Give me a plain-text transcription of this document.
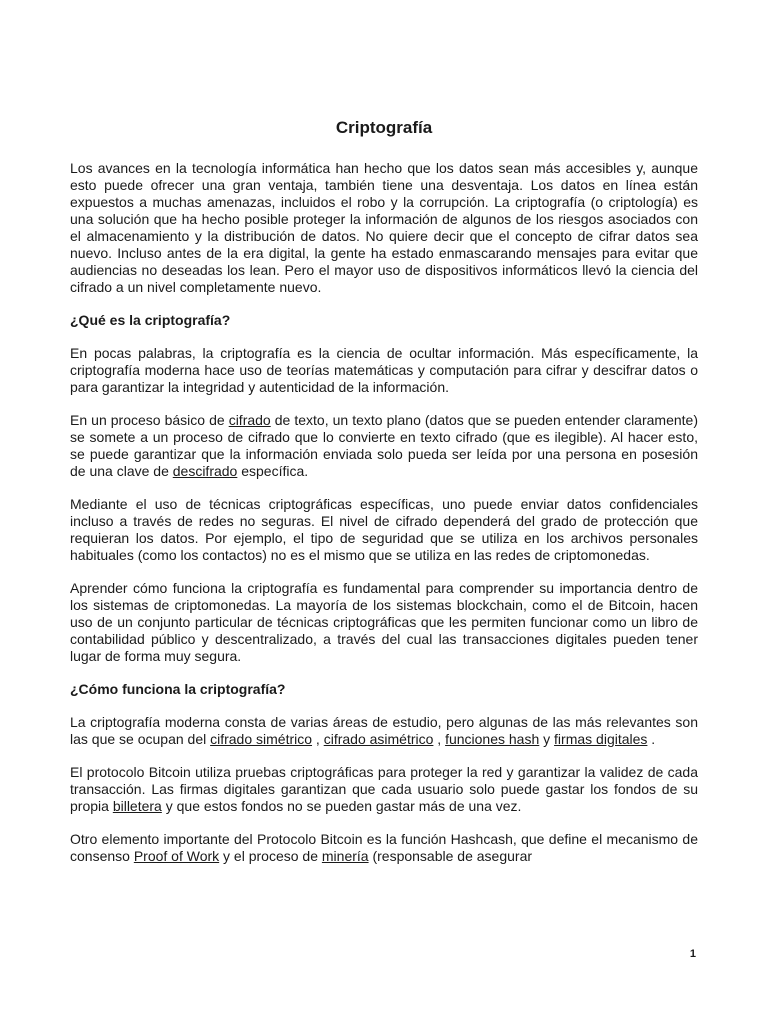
Criptografía

Los avances en la tecnología informática han hecho que los datos sean más accesibles y, aunque esto puede ofrecer una gran ventaja, también tiene una desventaja. Los datos en línea están expuestos a muchas amenazas, incluidos el robo y la corrupción. La criptografía (o criptología) es una solución que ha hecho posible proteger la información de algunos de los riesgos asociados con el almacenamiento y la distribución de datos. No quiere decir que el concepto de cifrar datos sea nuevo. Incluso antes de la era digital, la gente ha estado enmascarando mensajes para evitar que audiencias no deseadas los lean. Pero el mayor uso de dispositivos informáticos llevó la ciencia del cifrado a un nivel completamente nuevo.

¿Qué es la criptografía?

En pocas palabras, la criptografía es la ciencia de ocultar información. Más específicamente, la criptografía moderna hace uso de teorías matemáticas y computación para cifrar y descifrar datos o para garantizar la integridad y autenticidad de la información.

En un proceso básico de cifrado de texto, un texto plano (datos que se pueden entender claramente) se somete a un proceso de cifrado que lo convierte en texto cifrado (que es ilegible). Al hacer esto, se puede garantizar que la información enviada solo pueda ser leída por una persona en posesión de una clave de descifrado específica.

Mediante el uso de técnicas criptográficas específicas, uno puede enviar datos confidenciales incluso a través de redes no seguras. El nivel de cifrado dependerá del grado de protección que requieran los datos. Por ejemplo, el tipo de seguridad que se utiliza en los archivos personales habituales (como los contactos) no es el mismo que se utiliza en las redes de criptomonedas.

Aprender cómo funciona la criptografía es fundamental para comprender su importancia dentro de los sistemas de criptomonedas. La mayoría de los sistemas blockchain, como el de Bitcoin, hacen uso de un conjunto particular de técnicas criptográficas que les permiten funcionar como un libro de contabilidad público y descentralizado, a través del cual las transacciones digitales pueden tener lugar de forma muy segura.

¿Cómo funciona la criptografía?

La criptografía moderna consta de varias áreas de estudio, pero algunas de las más relevantes son las que se ocupan del cifrado simétrico , cifrado asimétrico , funciones hash y firmas digitales .

El protocolo Bitcoin utiliza pruebas criptográficas para proteger la red y garantizar la validez de cada transacción. Las firmas digitales garantizan que cada usuario solo puede gastar los fondos de su propia billetera y que estos fondos no se pueden gastar más de una vez.

Otro elemento importante del Protocolo Bitcoin es la función Hashcash, que define el mecanismo de consenso Proof of Work y el proceso de minería (responsable de asegurar

1
